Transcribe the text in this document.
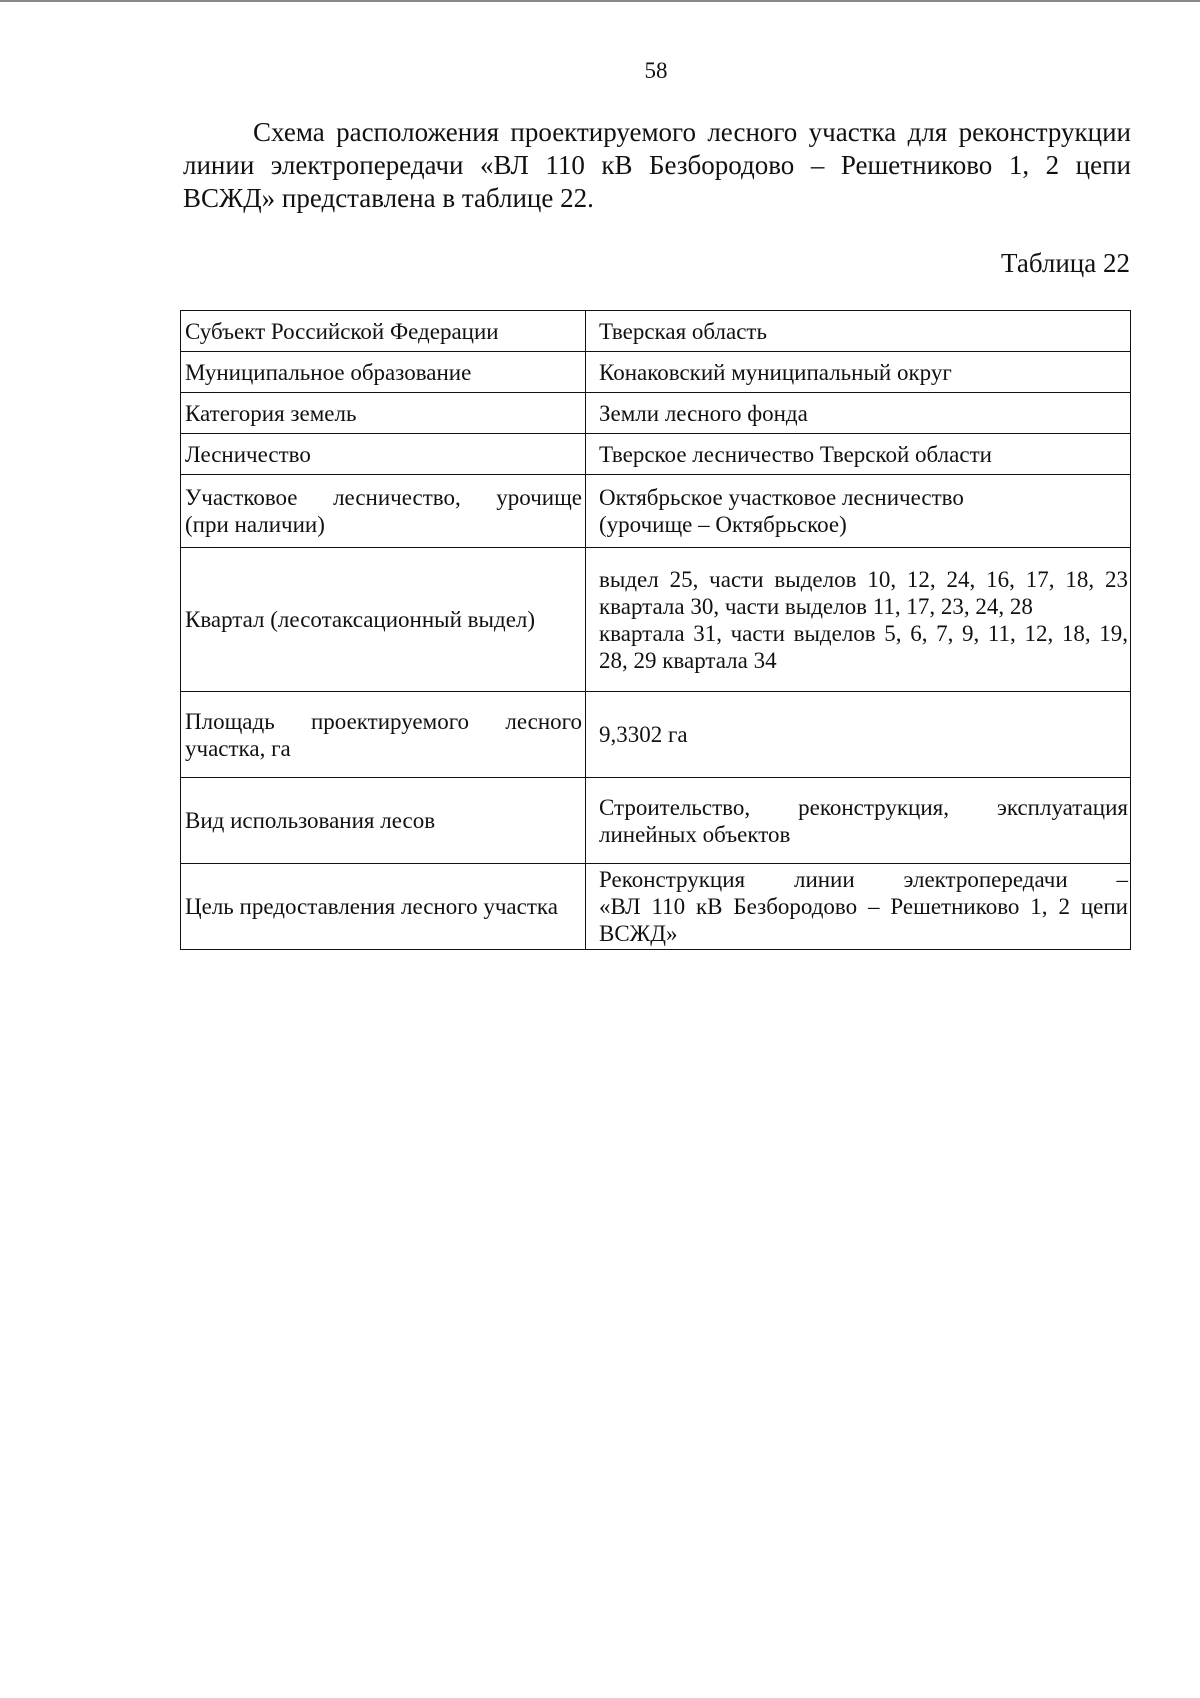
58

Схема расположения проектируемого лесного участка для реконструкции линии электропередачи «ВЛ 110 кВ Безбородово – Решетниково 1, 2 цепи ВСЖД» представлена в таблице 22.

Таблица 22
Субъект Российской Федерации	Тверская область
Муниципальное образование	Конаковский муниципальный округ
Категория земель	Земли лесного фонда
Лесничество	Тверское лесничество Тверской области

Участковое лесничество, урочище
(при наличии)	Октябрьское участковое лесничество
(урочище – Октябрьское)

Квартал (лесотаксационный выдел)	выдел 25, части выделов 10, 12, 24, 16, 17, 18, 23
квартала 30, части выделов 11, 17, 23, 24, 28
квартала 31, части выделов 5, 6, 7, 9, 11, 12, 18, 19,
28, 29 квартала 34

Площадь проектируемого лесного
участка, га	9,3302 га
Вид использования лесов	Строительство, реконструкция, эксплуатация
линейных объектов

Цель предоставления лесного участка	Реконструкция линии электропередачи –
«ВЛ 110 кВ Безбородово – Решетниково 1, 2 цепи
ВСЖД»
